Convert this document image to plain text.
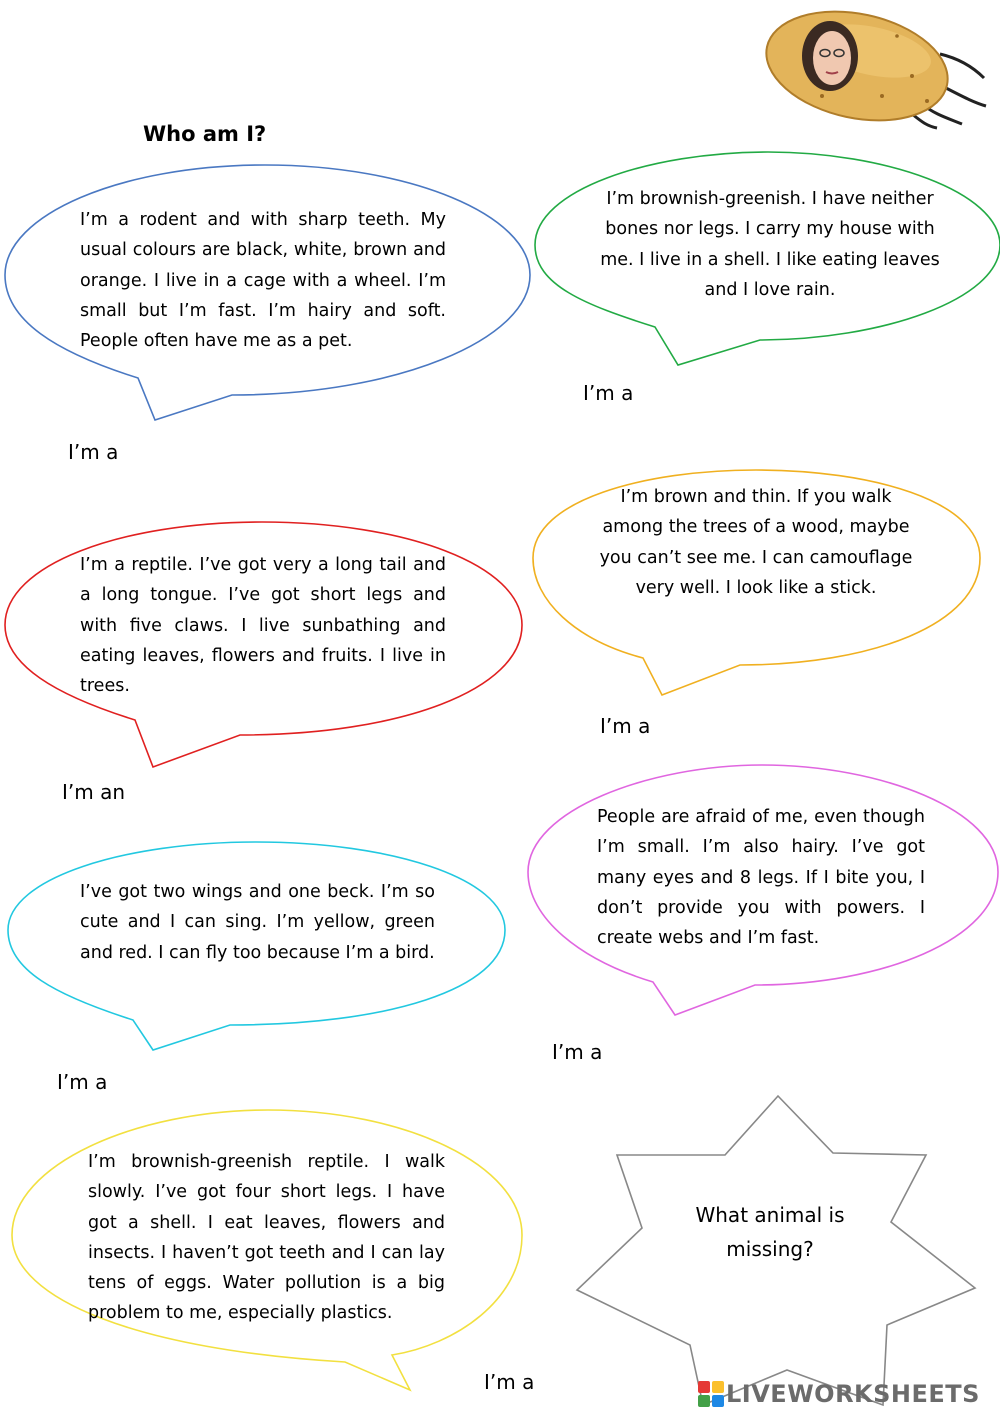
Who am I?
I’m a rodent and with sharp teeth. My usual colours are black, white, brown and orange. I live in a cage with a wheel. I’m small but I’m fast. I’m hairy and soft. People often have me as a pet.
I’m brownish-greenish. I have neither bones nor legs. I carry my house with me. I live in a shell. I like eating leaves and I love rain.
I’m a reptile. I’ve got very a long tail and a long tongue. I’ve got short legs and with five claws. I live sunbathing and eating leaves, flowers and fruits. I live in trees.
I’m brown and thin. If you walk among the trees of a wood, maybe you can’t see me. I can camouflage very well. I look like a stick.
I’ve got two wings and one beck. I’m so cute and I can sing. I’m yellow, green and red. I can fly too because I’m a bird.
People are afraid of me, even though I’m small. I’m also hairy. I’ve got many eyes and 8 legs. If I bite you, I don’t provide you with powers. I create webs and I’m fast.
I’m brownish-greenish reptile. I walk slowly. I’ve got four short legs. I have got a shell. I eat leaves, flowers and insects. I haven’t got teeth and I can lay tens of eggs. Water pollution is a big problem to me, especially plastics.
I’m a
I’m a
I’m an
I’m a
I’m a
I’m a
I’m a
What animal is missing?
LIVEWORKSHEETS
